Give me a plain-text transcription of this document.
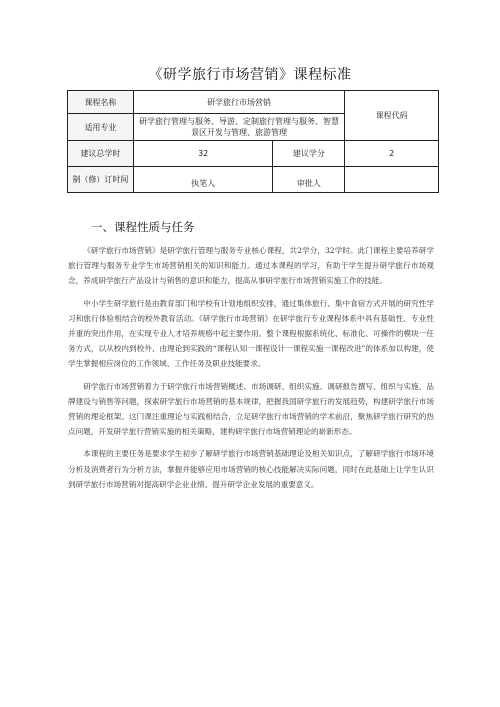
《研学旅行市场营销》课程标准
课程名称	研学旅行市场营销		课程代码
适用专业	研学旅行管理与服务、导游、定制旅行管理与服务、智慧景区开发与管理、旅游管理		
建议总学时	32	建议学分	2
制（修）订时间	执笔人	审批人	
一、课程性质与任务

《研学旅行市场营销》是研学旅行管理与服务专业核心课程，共2学分，32学时。此门课程主要培养研学旅行管理与服务专业学生市场营销相关的知识和能力。通过本课程的学习，有助于学生提升研学旅行市场观念，养成研学旅行产品设计与销售的意识和能力，提高从事研学旅行市场营销实施工作的技能。

中小学生研学旅行是由教育部门和学校有计划地组织安排，通过集体旅行、集中食宿方式开展的研究性学习和旅行体验相结合的校外教育活动。《研学旅行市场营销》在研学旅行专业课程体系中具有基础性、专业性并重的突出作用，在实现专业人才培养规格中起主要作用。整个课程根据系统化、标准化、可操作的模块一任务方式，以从校内到校外、由理论到实践的“课程认知一课程设计一课程实施一课程改进”的体系加以构建，使学生掌握相应岗位的工作领域、工作任务及职业技能要求。

研学旅行市场营销着力于研学旅行市场营销概述、市场调研、组织实施、调研报告撰写、组织与实施、品牌建设与销售等问题，探索研学旅行市场营销的基本规律，把握我国研学旅行的发展趋势，构建研学旅行市场营销的理论框架。这门课注重理论与实践相结合，立足研学旅行市场营销的学术前沿，聚焦研学旅行研究的热点问题，开发研学旅行营销实施的相关策略，建构研学旅行市场营销理论的崭新形态。

本课程的主要任务是要求学生初步了解研学旅行市场营销基础理论及相关知识点，了解研学旅行市场环境分析及消费者行为分析方法，掌握并能够应用市场营销的核心技能解决实际问题，同时在此基础上让学生认识到研学旅行市场营销对提高研学企业业绩、提升研学企业发展的重要意义。
